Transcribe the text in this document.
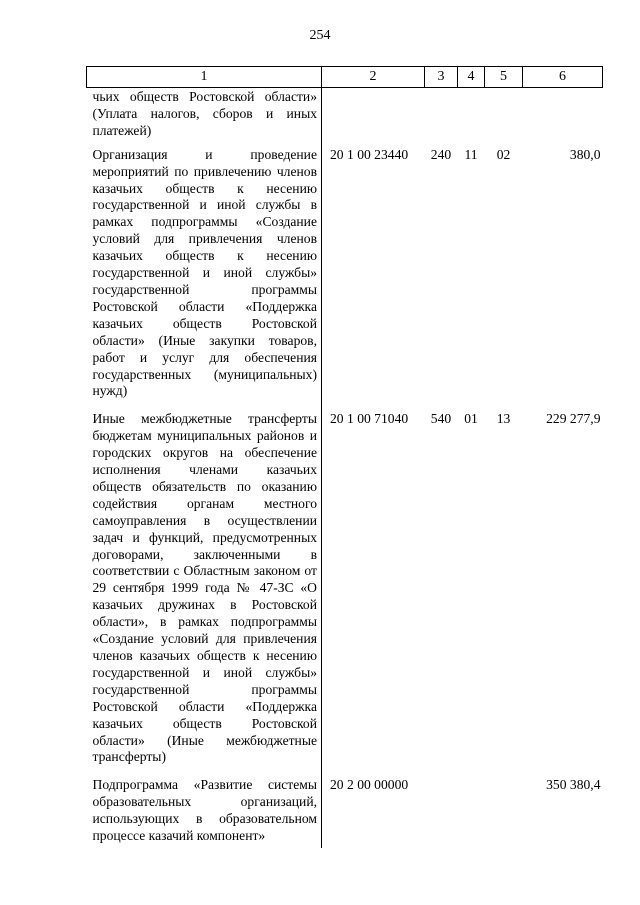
254
1	2	3	4	5	6
чьих обществ Ростовской области» (Уплата налогов, сборов и иных платежей)					
Организация и проведение мероприятий по привлечению членов казачьих обществ к несению государственной и иной службы в рамках подпрограммы «Создание условий для привлечения членов казачьих обществ к несению государственной и иной службы» государственной программы Ростовской области «Поддержка казачьих обществ Ростовской области» (Иные закупки товаров, работ и услуг для обеспечения государственных (муниципальных) нужд)	20 1 00 23440	240	11	02	380,0
Иные межбюджетные трансферты бюджетам муниципальных районов и городских округов на обеспечение исполнения членами казачьих обществ обязательств по оказанию содействия органам местного самоуправления в осуществлении задач и функций, предусмотренных договорами, заключенными в соответствии с Областным законом от 29 сентября 1999 года № 47-ЗС «О казачьих дружинах в Ростовской области», в рамках подпрограммы «Создание условий для привлечения членов казачьих обществ к несению государственной и иной службы» государственной программы Ростовской области «Поддержка казачьих обществ Ростовской области» (Иные межбюджетные трансферты)	20 1 00 71040	540	01	13	229 277,9
Подпрограмма «Развитие системы образовательных организаций, использующих в образовательном процессе казачий компонент»	20 2 00 00000				350 380,4
